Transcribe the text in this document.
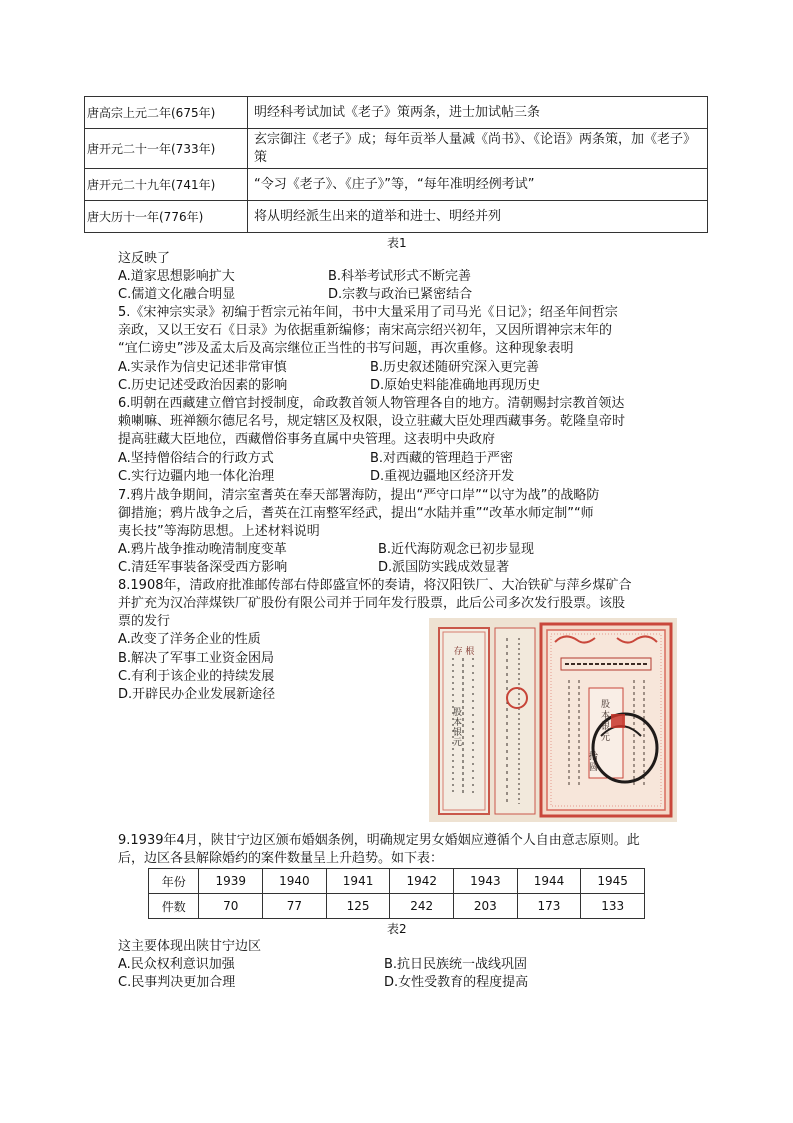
唐高宗上元二年(675年)	明经科考试加试《老子》策两条，进士加试帖三条
唐开元二十一年(733年)	玄宗御注《老子》成；每年贡举人量减《尚书》、《论语》两条策，加《老子》策
唐开元二十九年(741年)	“令习《老子》、《庄子》”等，“每年准明经例考试”
唐大历十一年(776年)	将从明经派生出来的道举和进士、明经并列
表1
这反映了
A.道家思想影响扩大	B.科举考试形式不断完善
C.儒道文化融合明显	D.宗教与政治已紧密结合
5.《宋神宗实录》初编于哲宗元祐年间，书中大量采用了司马光《日记》；绍圣年间哲宗
亲政，又以王安石《日录》为依据重新编修；南宋高宗绍兴初年，又因所谓神宗末年的
“宜仁谤史”涉及孟太后及高宗继位正当性的书写问题，再次重修。这种现象表明
A.实录作为信史记述非常审慎	B.历史叙述随研究深入更完善
C.历史记述受政治因素的影响	D.原始史料能准确地再现历史
6.明朝在西藏建立僧官封授制度，命政教首领人物管理各自的地方。清朝赐封宗教首领达
赖喇嘛、班禅额尔德尼名号，规定辖区及权限，设立驻藏大臣处理西藏事务。乾隆皇帝时
提高驻藏大臣地位，西藏僧俗事务直属中央管理。这表明中央政府
A.坚持僧俗结合的行政方式	B.对西藏的管理趋于严密
C.实行边疆内地一体化治理	D.重视边疆地区经济开发
7.鸦片战争期间，清宗室耆英在奉天部署海防，提出“严守口岸”“以守为战”的战略防
御措施；鸦片战争之后，耆英在江南整军经武，提出“水陆并重”“改革水师定制”“师
夷长技”等海防思想。上述材料说明
A.鸦片战争推动晚清制度变革	B.近代海防观念已初步显现
C.清廷军事装备深受西方影响	D.派国防实践成效显著
8.1908年，清政府批准邮传部右侍郎盛宣怀的奏请，将汉阳铁厂、大冶铁矿与萍乡煤矿合
并扩充为汉冶萍煤铁厂矿股份有限公司并于同年发行股票，此后公司多次发行股票。该股
票的发行
A.改变了洋务企业的性质
B.解决了军事工业资金困局
C.有利于该企业的持续发展
D.开辟民办企业发展新途径
存 根
股本银元
股本银元
拾圆
9.1939年4月，陕甘宁边区颁布婚姻条例，明确规定男女婚姻应遵循个人自由意志原则。此
后，边区各县解除婚约的案件数量呈上升趋势。如下表：
年份	1939	1940	1941	1942	1943	1944	1945
件数	70	77	125	242	203	173	133
表2
这主要体现出陕甘宁边区
A.民众权利意识加强	B.抗日民族统一战线巩固
C.民事判决更加合理	D.女性受教育的程度提高
